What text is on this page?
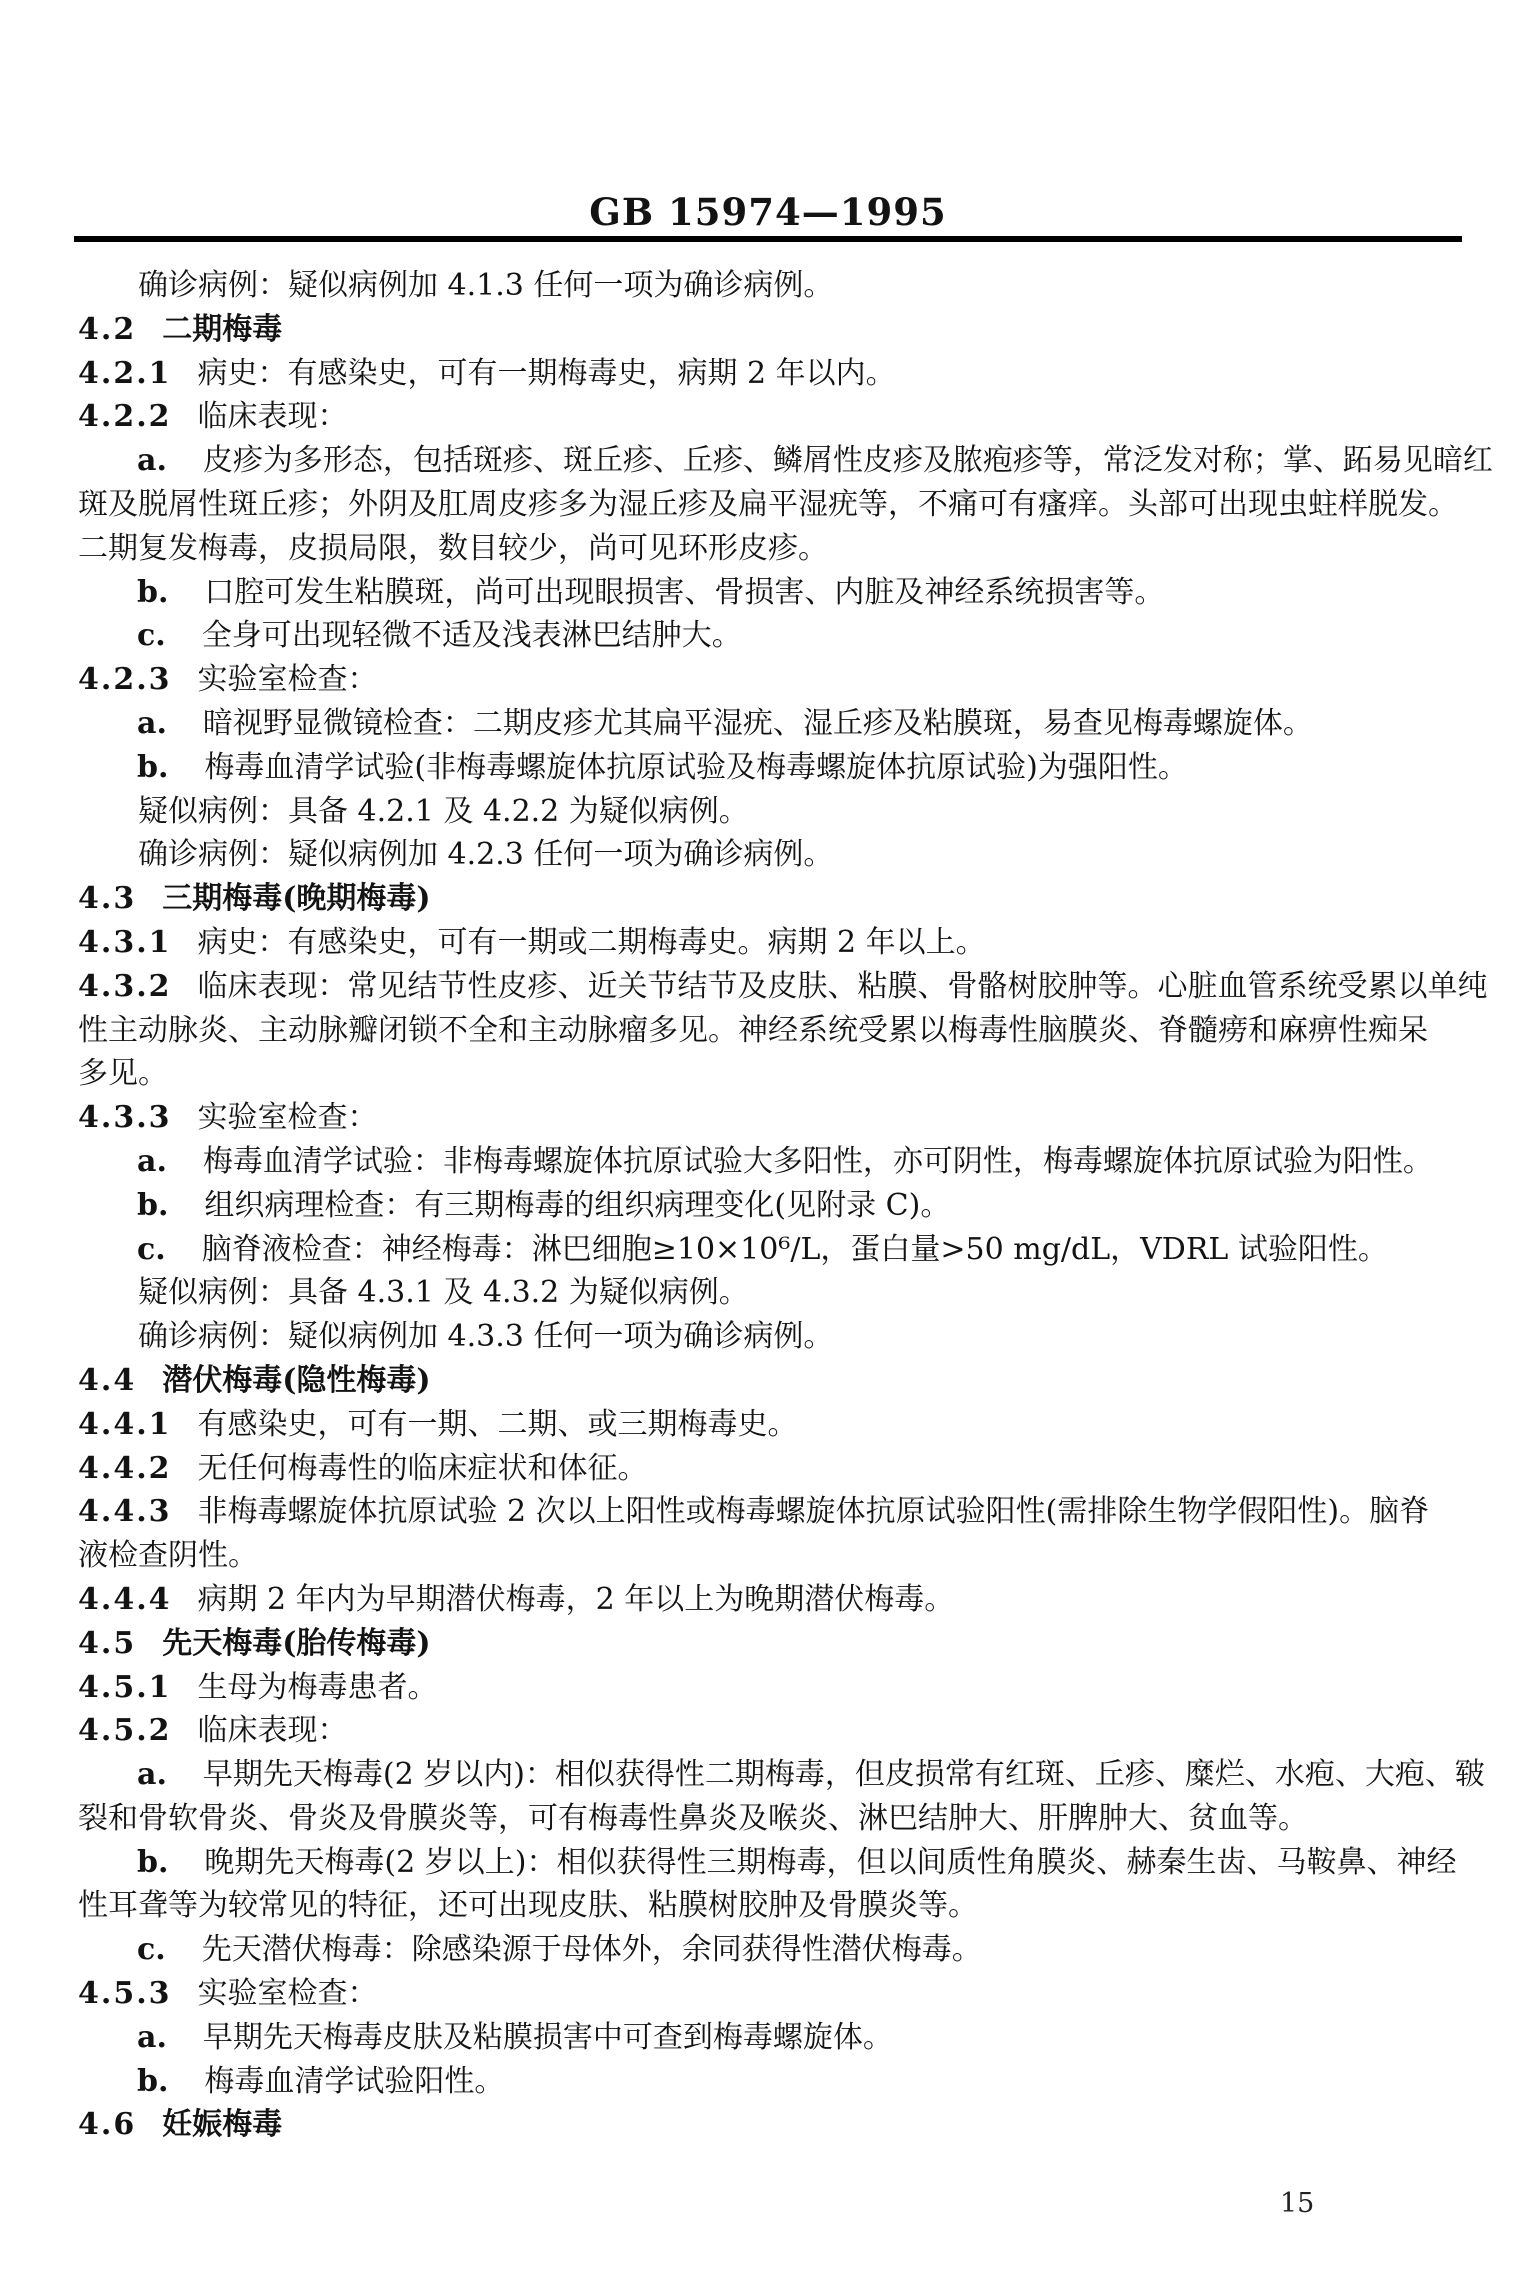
GB 15974—1995
确诊病例：疑似病例加 4.1.3 任何一项为确诊病例。
4.2 二期梅毒
4.2.1 病史：有感染史，可有一期梅毒史，病期 2 年以内。
4.2.2 临床表现：
a. 皮疹为多形态，包括斑疹、斑丘疹、丘疹、鳞屑性皮疹及脓疱疹等，常泛发对称；掌、跖易见暗红
斑及脱屑性斑丘疹；外阴及肛周皮疹多为湿丘疹及扁平湿疣等，不痛可有瘙痒。头部可出现虫蛀样脱发。
二期复发梅毒，皮损局限，数目较少，尚可见环形皮疹。
b. 口腔可发生粘膜斑，尚可出现眼损害、骨损害、内脏及神经系统损害等。
c. 全身可出现轻微不适及浅表淋巴结肿大。
4.2.3 实验室检查：
a. 暗视野显微镜检查：二期皮疹尤其扁平湿疣、湿丘疹及粘膜斑，易查见梅毒螺旋体。
b. 梅毒血清学试验(非梅毒螺旋体抗原试验及梅毒螺旋体抗原试验)为强阳性。
疑似病例：具备 4.2.1 及 4.2.2 为疑似病例。
确诊病例：疑似病例加 4.2.3 任何一项为确诊病例。
4.3 三期梅毒(晚期梅毒)
4.3.1 病史：有感染史，可有一期或二期梅毒史。病期 2 年以上。
4.3.2 临床表现：常见结节性皮疹、近关节结节及皮肤、粘膜、骨骼树胶肿等。心脏血管系统受累以单纯
性主动脉炎、主动脉瓣闭锁不全和主动脉瘤多见。神经系统受累以梅毒性脑膜炎、脊髓痨和麻痹性痴呆
多见。
4.3.3 实验室检查：
a. 梅毒血清学试验：非梅毒螺旋体抗原试验大多阳性，亦可阴性，梅毒螺旋体抗原试验为阳性。
b. 组织病理检查：有三期梅毒的组织病理变化(见附录 C)。
c. 脑脊液检查：神经梅毒：淋巴细胞≥10×10⁶/L，蛋白量>50 mg/dL，VDRL 试验阳性。
疑似病例：具备 4.3.1 及 4.3.2 为疑似病例。
确诊病例：疑似病例加 4.3.3 任何一项为确诊病例。
4.4 潜伏梅毒(隐性梅毒)
4.4.1 有感染史，可有一期、二期、或三期梅毒史。
4.4.2 无任何梅毒性的临床症状和体征。
4.4.3 非梅毒螺旋体抗原试验 2 次以上阳性或梅毒螺旋体抗原试验阳性(需排除生物学假阳性)。脑脊
液检查阴性。
4.4.4 病期 2 年内为早期潜伏梅毒，2 年以上为晚期潜伏梅毒。
4.5 先天梅毒(胎传梅毒)
4.5.1 生母为梅毒患者。
4.5.2 临床表现：
a. 早期先天梅毒(2 岁以内)：相似获得性二期梅毒，但皮损常有红斑、丘疹、糜烂、水疱、大疱、皲
裂和骨软骨炎、骨炎及骨膜炎等，可有梅毒性鼻炎及喉炎、淋巴结肿大、肝脾肿大、贫血等。
b. 晚期先天梅毒(2 岁以上)：相似获得性三期梅毒，但以间质性角膜炎、赫秦生齿、马鞍鼻、神经
性耳聋等为较常见的特征，还可出现皮肤、粘膜树胶肿及骨膜炎等。
c. 先天潜伏梅毒：除感染源于母体外，余同获得性潜伏梅毒。
4.5.3 实验室检查：
a. 早期先天梅毒皮肤及粘膜损害中可查到梅毒螺旋体。
b. 梅毒血清学试验阳性。
4.6 妊娠梅毒
15
